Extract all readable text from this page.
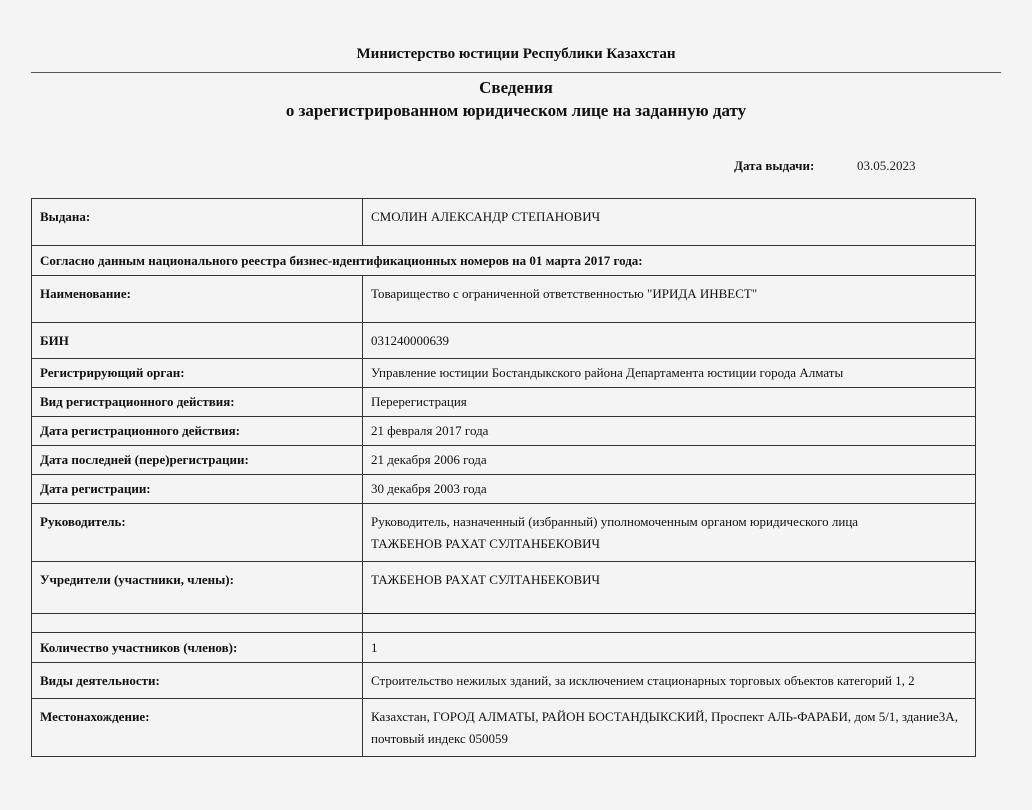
Министерство юстиции Республики Казахстан
Сведения
о зарегистрированном юридическом лице на заданную дату
Дата выдачи:	03.05.2023
Выдана:	СМОЛИН АЛЕКСАНДР СТЕПАНОВИЧ
Согласно данным национального реестра бизнес-идентификационных номеров на 01 марта 2017 года:	
Наименование:	Товарищество с ограниченной ответственностью "ИРИДА ИНВЕСТ"
БИН	031240000639
Регистрирующий орган:	Управление юстиции Бостандыкского района Департамента юстиции города Алматы
Вид регистрационного действия:	Перерегистрация
Дата регистрационного действия:	21 февраля 2017 года
Дата последней (пере)регистрации:	21 декабря 2006 года
Дата регистрации:	30 декабря 2003 года
Руководитель:	Руководитель, назначенный (избранный) уполномоченным органом юридического лица
ТАЖБЕНОВ РАХАТ СУЛТАНБЕКОВИЧ

Учредители (участники, члены):	ТАЖБЕНОВ РАХАТ СУЛТАНБЕКОВИЧ

Количество участников (членов):	1
Виды деятельности:	Строительство нежилых зданий, за исключением стационарных торговых объектов категорий 1, 2
Местонахождение:	Казахстан, ГОРОД АЛМАТЫ, РАЙОН БОСТАНДЫКСКИЙ, Проспект АЛЬ-ФАРАБИ, дом 5/1, здание3А, почтовый индекс 050059
